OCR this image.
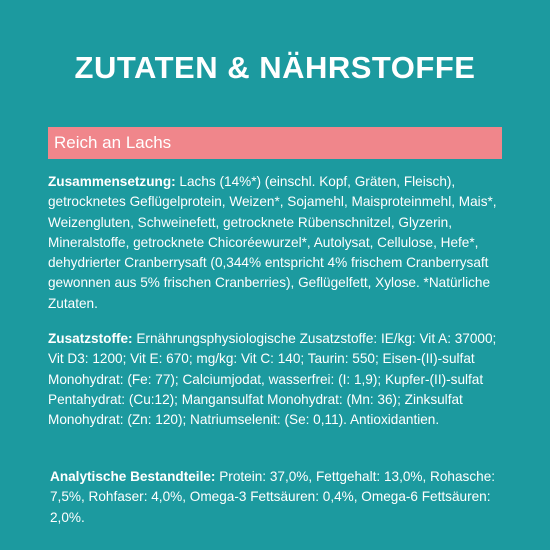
ZUTATEN & NÄHRSTOFFE
Reich an Lachs

Zusammensetzung: Lachs (14%*) (einschl. Kopf, Gräten, Fleisch), getrocknetes Geflügelprotein, Weizen*, Sojamehl, Maisproteinmehl, Mais*, Weizengluten, Schweinefett, getrocknete Rübenschnitzel, Glyzerin, Mineralstoffe, getrocknete Chicoréewurzel*, Autolysat, Cellulose, Hefe*, dehydrierter Cranberrysaft (0,344% entspricht 4% frischem Cranberrysaft gewonnen aus 5% frischen Cranberries), Geflügelfett, Xylose. *Natürliche Zutaten.

Zusatzstoffe: Ernährungsphysiologische Zusatzstoffe: IE/kg: Vit A: 37000; Vit D3: 1200; Vit E: 670; mg/kg: Vit C: 140; Taurin: 550; Eisen-(II)-sulfat Monohydrat: (Fe: 77); Calciumjodat, wasserfrei: (I: 1,9); Kupfer-(II)-sulfat Pentahydrat: (Cu:12); Mangansulfat Monohydrat: (Mn: 36); Zinksulfat Monohydrat: (Zn: 120); Natriumselenit: (Se: 0,11). Antioxidantien.

Analytische Bestandteile: Protein: 37,0%, Fettgehalt: 13,0%, Rohasche: 7,5%, Rohfaser: 4,0%, Omega-3 Fettsäuren: 0,4%, Omega-6 Fettsäuren: 2,0%.
